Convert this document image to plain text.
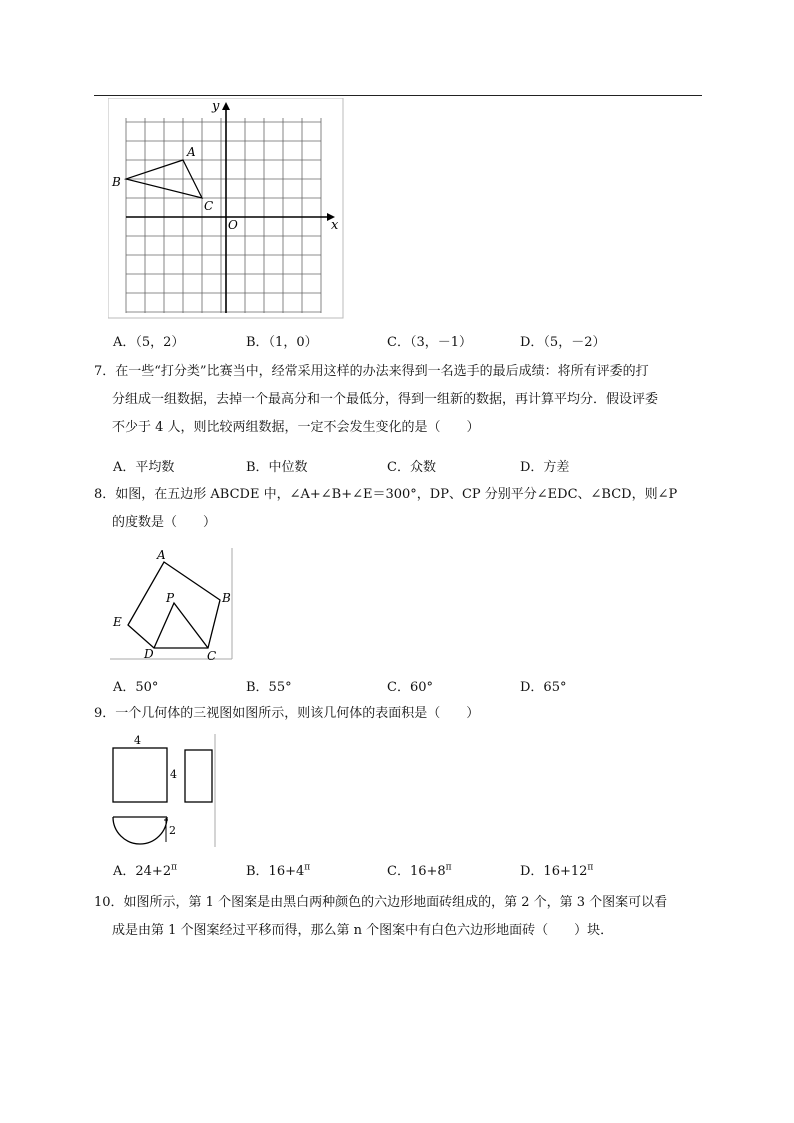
x
y
O
A
B
C
A．（5，2）	B．（1，0）	C．（3，－1）	D．（5，－2）
7．在一些“打分类”比赛当中，经常采用这样的办法来得到一名选手的最后成绩：将所有评委的打
分组成一组数据，去掉一个最高分和一个最低分，得到一组新的数据，再计算平均分．假设评委
不少于 4 人，则比较两组数据，一定不会发生变化的是（　　）
A．平均数	B．中位数	C．众数	D．方差
8．如图，在五边形 ABCDE 中，∠A+∠B+∠E＝300°，DP、CP 分别平分∠EDC、∠BCD，则∠P
的度数是（　　）
A
B
C
D
E
P
A．50°	B．55°	C．60°	D．65°
9．一个几何体的三视图如图所示，则该几何体的表面积是（　　）
4
4
2
A．$24+2^\pi$	B．$16+4^\pi$	C．$16+8^\pi$	D．$16+12^\pi$
10．如图所示，第 1 个图案是由黑白两种颜色的六边形地面砖组成的，第 2 个，第 3 个图案可以看
成是由第 1 个图案经过平移而得，那么第 n 个图案中有白色六边形地面砖（　　）块．
